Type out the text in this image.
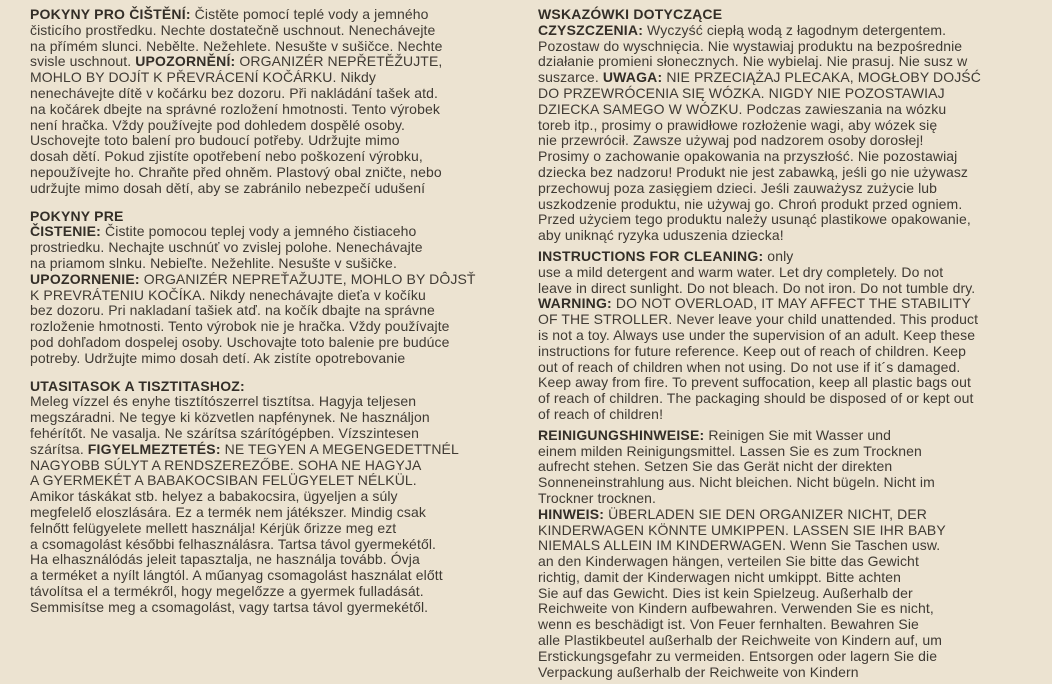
POKYNY PRO ČIŠTĚNÍ: Čistěte pomocí teplé vody a jemného
čisticího prostředku. Nechte dostatečně uschnout. Nenechávejte
na přímém slunci. Nebělte. Nežehlete. Nesušte v sušičce. Nechte
svisle uschnout. UPOZORNĚNÍ: ORGANIZÉR NEPŘETĚŽUJTE,
MOHLO BY DOJÍT K PŘEVRÁCENÍ KOČÁRKU. Nikdy
nenechávejte dítě v kočárku bez dozoru. Při nakládání tašek atd.
na kočárek dbejte na správné rozložení hmotnosti. Tento výrobek
není hračka. Vždy používejte pod dohledem dospělé osoby.
Uschovejte toto balení pro budoucí potřeby. Udržujte mimo
dosah dětí. Pokud zjistíte opotřebení nebo poškození výrobku,
nepoužívejte ho. Chraňte před ohněm. Plastový obal zničte, nebo
udržujte mimo dosah dětí, aby se zabránilo nebezpečí udušení
POKYNY PRE
ČISTENIE: Čistite pomocou teplej vody a jemného čistiaceho
prostriedku. Nechajte uschnúť vo zvislej polohe. Nenechávajte
na priamom slnku. Nebieľte. Nežehlite. Nesušte v sušičke.
UPOZORNENIE: ORGANIZÉR NEPREŤAŽUJTE, MOHLO BY DÔJSŤ
K PREVRÁTENIU KOČÍKA. Nikdy nenechávajte dieťa v kočíku
bez dozoru. Pri nakladaní tašiek atď. na kočík dbajte na správne
rozloženie hmotnosti. Tento výrobok nie je hračka. Vždy používajte
pod dohľadom dospelej osoby. Uschovajte toto balenie pre budúce
potreby. Udržujte mimo dosah detí. Ak zistíte opotrebovanie
UTASITASOK A TISZTITASHOZ:
Meleg vízzel és enyhe tisztítószerrel tisztítsa. Hagyja teljesen
megszáradni. Ne tegye ki közvetlen napfénynek. Ne használjon
fehérítőt. Ne vasalja. Ne szárítsa szárítógépben. Vízszintesen
szárítsa. FIGYELMEZTETÉS: NE TEGYEN A MEGENGEDETTNÉL
NAGYOBB SÚLYT A RENDSZEREZŐBE. SOHA NE HAGYJA
A GYERMEKÉT A BABAKOCSIBAN FELÜGYELET NÉLKÜL.
Amikor táskákat stb. helyez a babakocsira, ügyeljen a súly
megfelelő eloszlására. Ez a termék nem játékszer. Mindig csak
felnőtt felügyelete mellett használja! Kérjük őrizze meg ezt
a csomagolást későbbi felhasználásra. Tartsa távol gyermekétől.
Ha elhasználódás jeleit tapasztalja, ne használja tovább. Óvja
a terméket a nyílt lángtól. A műanyag csomagolást használat előtt
távolítsa el a termékről, hogy megelőzze a gyermek fulladását.
Semmisítse meg a csomagolást, vagy tartsa távol gyermekétől.
WSKAZÓWKI DOTYCZĄCE
CZYSZCZENIA: Wyczyść ciepłą wodą z łagodnym detergentem.
Pozostaw do wyschnięcia. Nie wystawiaj produktu na bezpośrednie
działanie promieni słonecznych. Nie wybielaj. Nie prasuj. Nie susz w
suszarce. UWAGA: NIE PRZECIĄŻAJ PLECAKA, MOGŁOBY DOJŚĆ
DO PRZEWRÓCENIA SIĘ WÓZKA. NIGDY NIE POZOSTAWIAJ
DZIECKA SAMEGO W WÓZKU. Podczas zawieszania na wózku
toreb itp., prosimy o prawidłowe rozłożenie wagi, aby wózek się
nie przewrócił. Zawsze używaj pod nadzorem osoby dorosłej!
Prosimy o zachowanie opakowania na przyszłość. Nie pozostawiaj
dziecka bez nadzoru! Produkt nie jest zabawką, jeśli go nie używasz
przechowuj poza zasięgiem dzieci. Jeśli zauważysz zużycie lub
uszkodzenie produktu, nie używaj go. Chroń produkt przed ogniem.
Przed użyciem tego produktu należy usunąć plastikowe opakowanie,
aby uniknąć ryzyka uduszenia dziecka!
INSTRUCTIONS FOR CLEANING: only
use a mild detergent and warm water. Let dry completely. Do not
leave in direct sunlight. Do not bleach. Do not iron. Do not tumble dry.
WARNING: DO NOT OVERLOAD, IT MAY AFFECT THE STABILITY
OF THE STROLLER. Never leave your child unattended. This product
is not a toy. Always use under the supervision of an adult. Keep these
instructions for future reference. Keep out of reach of children. Keep
out of reach of children when not using. Do not use if it´s damaged.
Keep away from fire. To prevent suffocation, keep all plastic bags out
of reach of children. The packaging should be disposed of or kept out
of reach of children!
REINIGUNGSHINWEISE: Reinigen Sie mit Wasser und
einem milden Reinigungsmittel. Lassen Sie es zum Trocknen
aufrecht stehen. Setzen Sie das Gerät nicht der direkten
Sonneneinstrahlung aus. Nicht bleichen. Nicht bügeln. Nicht im
Trockner trocknen.
HINWEIS: ÜBERLADEN SIE DEN ORGANIZER NICHT, DER
KINDERWAGEN KÖNNTE UMKIPPEN. LASSEN SIE IHR BABY
NIEMALS ALLEIN IM KINDERWAGEN. Wenn Sie Taschen usw.
an den Kinderwagen hängen, verteilen Sie bitte das Gewicht
richtig, damit der Kinderwagen nicht umkippt. Bitte achten
Sie auf das Gewicht. Dies ist kein Spielzeug. Außerhalb der
Reichweite von Kindern aufbewahren. Verwenden Sie es nicht,
wenn es beschädigt ist. Von Feuer fernhalten. Bewahren Sie
alle Plastikbeutel außerhalb der Reichweite von Kindern auf, um
Erstickungsgefahr zu vermeiden. Entsorgen oder lagern Sie die
Verpackung außerhalb der Reichweite von Kindern
